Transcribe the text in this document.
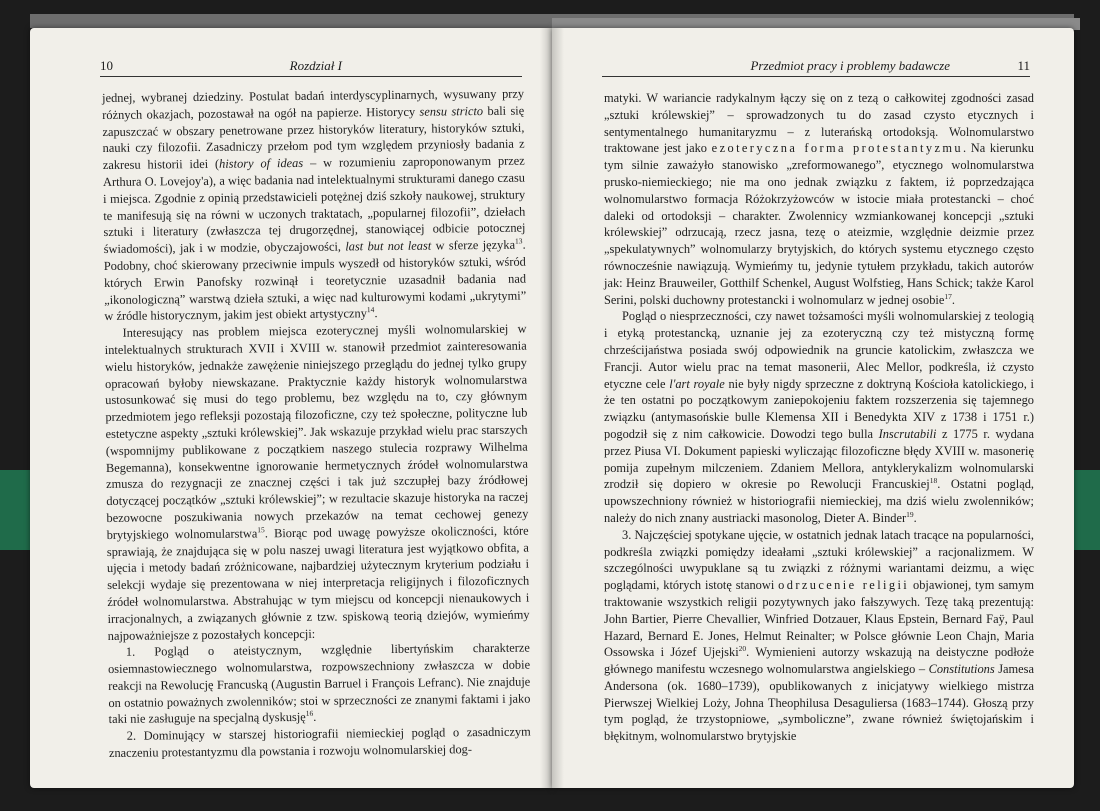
10	Rozdział I

jednej, wybranej dziedziny. Postulat badań interdyscyplinarnych, wysuwany przy różnych okazjach, pozostawał na ogół na papierze. Historycy sensu stricto bali się zapuszczać w obszary penetrowane przez historyków literatury, historyków sztuki, nauki czy filozofii. Zasadniczy przełom pod tym względem przyniosły badania z zakresu historii idei (history of ideas – w rozumieniu zaproponowanym przez Arthura O. Lovejoy'a), a więc badania nad intelektualnymi strukturami danego czasu i miejsca. Zgodnie z opinią przedstawicieli potężnej dziś szkoły naukowej, struktury te manifesują się na równi w uczonych traktatach, „popularnej filozofii”, dziełach sztuki i literatury (zwłaszcza tej drugorzędnej, stanowiącej odbicie potocznej świadomości), jak i w modzie, obyczajowości, last but not least w sferze języka$^{13}$. Podobny, choć skierowany przeciwnie impuls wyszedł od historyków sztuki, wśród których Erwin Panofsky rozwinął i teoretycznie uzasadnił badania nad „ikonologiczną” warstwą dzieła sztuki, a więc nad kulturowymi kodami „ukrytymi” w źródle historycznym, jakim jest obiekt artystyczny$^{14}$.

Interesujący nas problem miejsca ezoterycznej myśli wolnomularskiej w intelektualnych strukturach XVII i XVIII w. stanowił przedmiot zainteresowania wielu historyków, jednakże zawężenie niniejszego przeglądu do jednej tylko grupy opracowań byłoby niewskazane. Praktycznie każdy historyk wolnomularstwa ustosunkować się musi do tego problemu, bez względu na to, czy głównym przedmiotem jego refleksji pozostają filozoficzne, czy też społeczne, polityczne lub estetyczne aspekty „sztuki królewskiej”. Jak wskazuje przykład wielu prac starszych (wspomnijmy publikowane z początkiem naszego stulecia rozprawy Wilhelma Begemanna), konsekwentne ignorowanie hermetycznych źródeł wolnomularstwa zmusza do rezygnacji ze znacznej części i tak już szczupłej bazy źródłowej dotyczącej początków „sztuki królewskiej”; w rezultacie skazuje historyka na raczej bezowocne poszukiwania nowych przekazów na temat cechowej genezy brytyjskiego wolnomularstwa$^{15}$. Biorąc pod uwagę powyższe okoliczności, które sprawiają, że znajdująca się w polu naszej uwagi literatura jest wyjątkowo obfita, a ujęcia i metody badań zróżnicowane, najbardziej użytecznym kryterium podziału i selekcji wydaje się prezentowana w niej interpretacja religijnych i filozoficznych źródeł wolnomularstwa. Abstrahując w tym miejscu od koncepcji nienaukowych i irracjonalnych, a związanych głównie z tzw. spiskową teorią dziejów, wymieńmy najpoważniejsze z pozostałych koncepcji:

1. Pogląd o ateistycznym, względnie libertyńskim charakterze osiemnastowiecznego wolnomularstwa, rozpowszechniony zwłaszcza w dobie reakcji na Rewolucję Francuską (Augustin Barruel i François Lefranc). Nie znajduje on ostatnio poważnych zwolenników; stoi w sprzeczności ze znanymi faktami i jako taki nie zasługuje na specjalną dyskusję$^{16}$.

2. Dominujący w starszej historiografii niemieckiej pogląd o zasadniczym znaczeniu protestantyzmu dla powstania i rozwoju wolnomularskiej dog-

Przedmiot pracy i problemy badawcze	11

matyki. W wariancie radykalnym łączy się on z tezą o całkowitej zgodności zasad „sztuki królewskiej” – sprowadzonych tu do zasad czysto etycznych i sentymentalnego humanitaryzmu – z luterańską ortodoksją. Wolnomularstwo traktowane jest jako ezoteryczna forma protestantyzmu. Na kierunku tym silnie zaważyło stanowisko „zreformowanego”, etycznego wolnomularstwa prusko-niemieckiego; nie ma ono jednak związku z faktem, iż poprzedzająca wolnomularstwo formacja Różokrzyżowców w istocie miała protestancki – choć daleki od ortodoksji – charakter. Zwolennicy wzmiankowanej koncepcji „sztuki królewskiej” odrzucają, rzecz jasna, tezę o ateizmie, względnie deizmie przez „spekulatywnych” wolnomularzy brytyjskich, do których systemu etycznego często równocześnie nawiązują. Wymieńmy tu, jedynie tytułem przykładu, takich autorów jak: Heinz Brauweiler, Gotthilf Schenkel, August Wolfstieg, Hans Schick; także Karol Serini, polski duchowny protestancki i wolnomularz w jednej osobie$^{17}$.

Pogląd o niesprzeczności, czy nawet tożsamości myśli wolnomularskiej z teologią i etyką protestancką, uznanie jej za ezoteryczną czy też mistyczną formę chrześcijaństwa posiada swój odpowiednik na gruncie katolickim, zwłaszcza we Francji. Autor wielu prac na temat masonerii, Alec Mellor, podkreśla, iż czysto etyczne cele l'art royale nie były nigdy sprzeczne z doktryną Kościoła katolickiego, i że ten ostatni po początkowym zaniepokojeniu faktem rozszerzenia się tajemnego związku (antymasońskie bulle Klemensa XII i Benedykta XIV z 1738 i 1751 r.) pogodził się z nim całkowicie. Dowodzi tego bulla Inscrutabili z 1775 r. wydana przez Piusa VI. Dokument papieski wyliczając filozoficzne błędy XVIII w. masonerię pomija zupełnym milczeniem. Zdaniem Mellora, antyklerykalizm wolnomularski zrodził się dopiero w okresie po Rewolucji Francuskiej$^{18}$. Ostatni pogląd, upowszechniony również w historiografii niemieckiej, ma dziś wielu zwolenników; należy do nich znany austriacki masonolog, Dieter A. Binder$^{19}$.

3. Najczęściej spotykane ujęcie, w ostatnich jednak latach tracące na popularności, podkreśla związki pomiędzy ideałami „sztuki królewskiej” a racjonalizmem. W szczególności uwypuklane są tu związki z różnymi wariantami deizmu, a więc poglądami, których istotę stanowi odrzucenie religii objawionej, tym samym traktowanie wszystkich religii pozytywnych jako fałszywych. Tezę taką prezentują: John Bartier, Pierre Chevallier, Winfried Dotzauer, Klaus Epstein, Bernard Faÿ, Paul Hazard, Bernard E. Jones, Helmut Reinalter; w Polsce głównie Leon Chajn, Maria Ossowska i Józef Ujejski$^{20}$. Wymienieni autorzy wskazują na deistyczne podłoże głównego manifestu wczesnego wolnomularstwa angielskiego – Constitutions Jamesa Andersona (ok. 1680–1739), opublikowanych z inicjatywy wielkiego mistrza Pierwszej Wielkiej Loży, Johna Theophilusa Desaguliersa (1683–1744). Głoszą przy tym pogląd, że trzystopniowe, „symboliczne”, zwane również świętojańskim i błękitnym, wolnomularstwo brytyjskie
